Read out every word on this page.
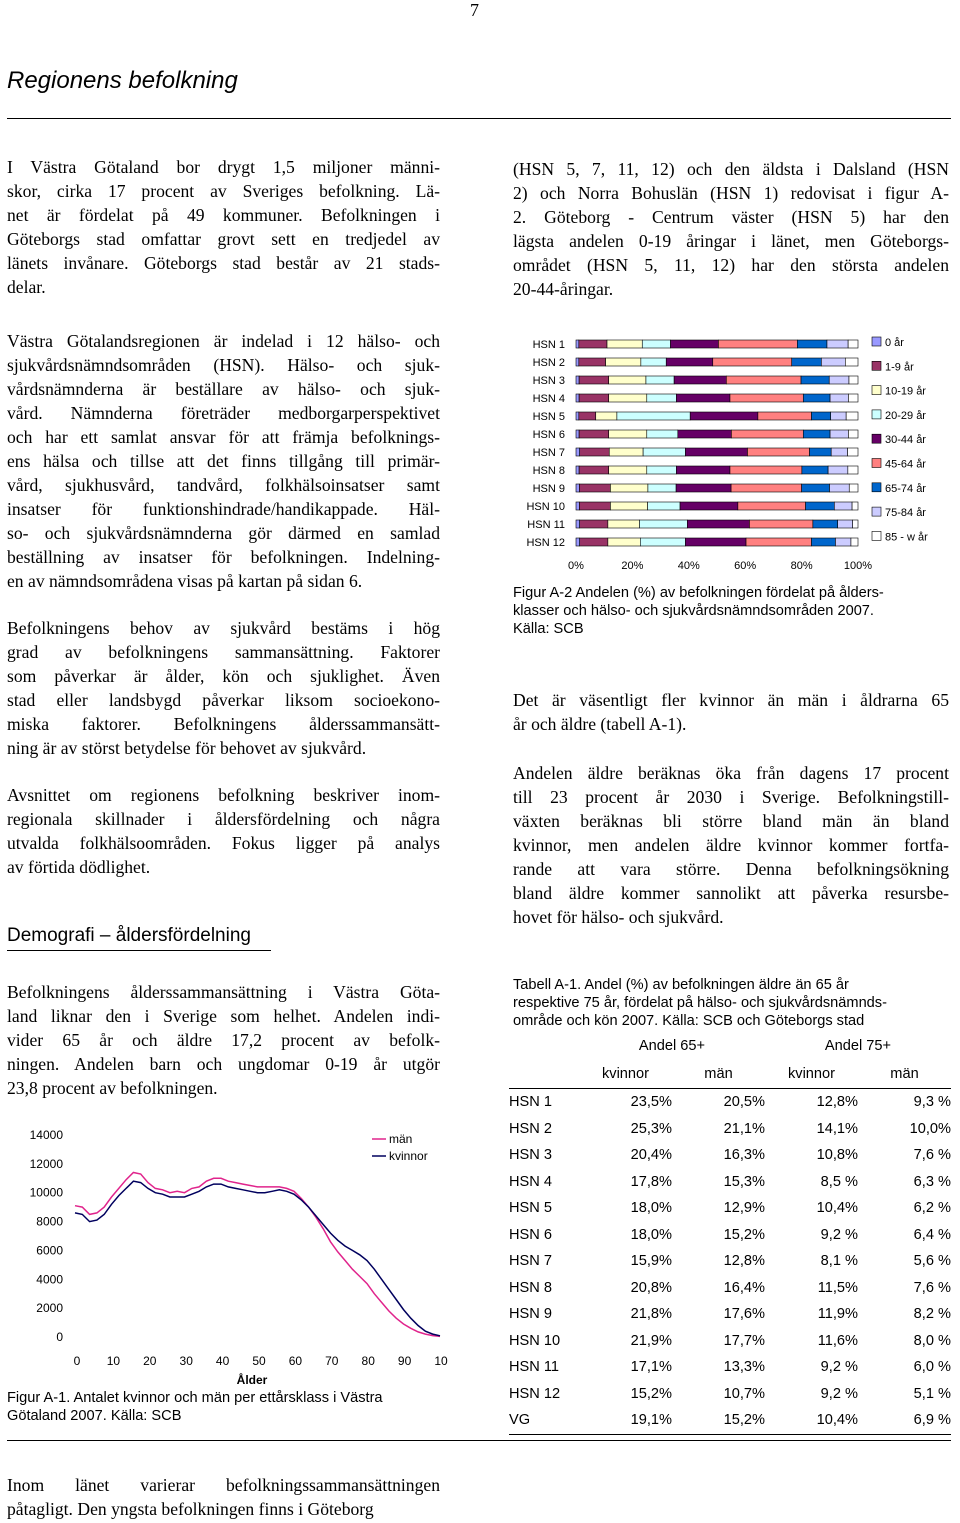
7
Regionens befolkning

I Västra Götaland bor drygt 1,5 miljoner männi-
skor, cirka 17 procent av Sveriges befolkning. Lä-
net är fördelat på 49 kommuner. Befolkningen i
Göteborgs stad omfattar grovt sett en tredjedel av
länets invånare. Göteborgs stad består av 21 stads-
delar.

Västra Götalandsregionen är indelad i 12 hälso- och
sjukvårdsnämndsområden (HSN). Hälso- och sjuk-
vårdsnämnderna är beställare av hälso- och sjuk-
vård. Nämnderna företräder medborgarperspektivet
och har ett samlat ansvar för att främja befolknings-
ens hälsa och tillse att det finns tillgång till primär-
vård, sjukhusvård, tandvård, folkhälsoinsatser samt
insatser för funktionshindrade/handikappade. Häl-
so- och sjukvårdsnämnderna gör därmed en samlad
beställning av insatser för befolkningen. Indelning-
en av nämndsområdena visas på kartan på sidan 6.

Befolkningens behov av sjukvård bestäms i hög
grad av befolkningens sammansättning. Faktorer
som påverkar är ålder, kön och sjuklighet. Även
stad eller landsbygd påverkar liksom socioekono-
miska faktorer. Befolkningens ålderssammansätt-
ning är av störst betydelse för behovet av sjukvård.

Avsnittet om regionens befolkning beskriver inom-
regionala skillnader i åldersfördelning och några
utvalda folkhälsoområden. Fokus ligger på analys
av förtida dödlighet.

Demografi – åldersfördelning

Befolkningens ålderssammansättning i Västra Göta-
land liknar den i Sverige som helhet. Andelen indi-
vider 65 år och äldre 17,2 procent av befolk-
ningen. Andelen barn och ungdomar 0-19 år utgör
23,8 procent av befolkningen.

0
2000
4000
6000
8000
10000
12000
14000
0 10 20 30 40 50 60 70 80 90 10
män
kvinnor
Ålder

Figur A-1. Antalet kvinnor och män per ettårsklass i Västra
Götaland 2007. Källa: SCB

(HSN 5, 7, 11, 12) och den äldsta i Dalsland (HSN
2) och Norra Bohuslän (HSN 1) redovisat i figur A-
2. Göteborg - Centrum väster (HSN 5) har den
lägsta andelen 0-19 åringar i länet, men Göteborgs-
området (HSN 5, 11, 12) har den största andelen
20-44-åringar.

HSN 1
HSN 2
HSN 3
HSN 4
HSN 5
HSN 6
HSN 7
HSN 8
HSN 9
HSN 10
HSN 11
HSN 12
0%	20%	40%	60%	80%	100%
0 år
1-9 år
10-19 år
20-29 år
30-44 år
45-64 år
65-74 år
75-84 år
85 - w år

Figur A-2 Andelen (%) av befolkningen fördelat på ålders-
klasser och hälso- och sjukvårdsnämndsområden 2007.
Källa: SCB

Det är väsentligt fler kvinnor än män i åldrarna 65
år och äldre (tabell A-1).

Andelen äldre beräknas öka från dagens 17 procent
till 23 procent år 2030 i Sverige. Befolkningstill-
växten beräknas bli större bland män än bland
kvinnor, men andelen äldre kvinnor kommer fortfa-
rande att vara större. Denna befolkningsökning
bland äldre kommer sannolikt att påverka resursbe-
hovet för hälso- och sjukvård.

Tabell A-1. Andel (%) av befolkningen äldre än 65 år
respektive 75 år, fördelat på hälso- och sjukvårdsnämnds-
område och kön 2007. Källa: SCB och Göteborgs stad

	Andel 65+		Andel 75+	
	kvinnor	män	kvinnor	män
HSN 1	23,5%	20,5%	12,8%	9,3 %
HSN 2	25,3%	21,1%	14,1%	10,0%
HSN 3	20,4%	16,3%	10,8%	7,6 %
HSN 4	17,8%	15,3%	8,5 %	6,3 %
HSN 5	18,0%	12,9%	10,4%	6,2 %
HSN 6	18,0%	15,2%	9,2 %	6,4 %
HSN 7	15,9%	12,8%	8,1 %	5,6 %
HSN 8	20,8%	16,4%	11,5%	7,6 %
HSN 9	21,8%	17,6%	11,9%	8,2 %
HSN 10	21,9%	17,7%	11,6%	8,0 %
HSN 11	17,1%	13,3%	9,2 %	6,0 %
HSN 12	15,2%	10,7%	9,2 %	5,1 %
VG	19,1%	15,2%	10,4%	6,9 %

Inom länet varierar befolkningssammansättningen
påtagligt. Den yngsta befolkningen finns i Göteborg
